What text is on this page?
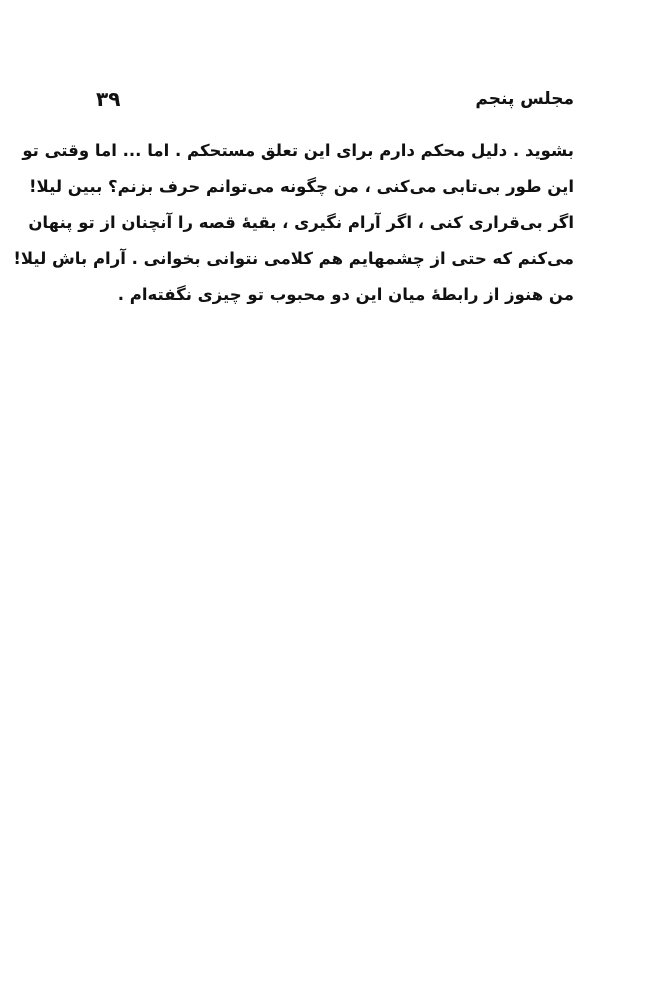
مجلس پنجم
۳۹
بشوید . دلیل محکم دارم برای این تعلق مستحکم . اما ... اما وقتی تو
این طور بی‌تابی می‌کنی ، من چگونه می‌توانم حرف بزنم؟ ببین لیلا!
اگر بی‌قراری کنی ، اگر آرام نگیری ، بقیهٔ قصه را آنچنان از تو پنهان
می‌کنم که حتی از چشمهایم هم کلامی نتوانی بخوانی . آرام باش لیلا!
من هنوز از رابطهٔ میان این دو محبوب تو چیزی نگفته‌ام .
